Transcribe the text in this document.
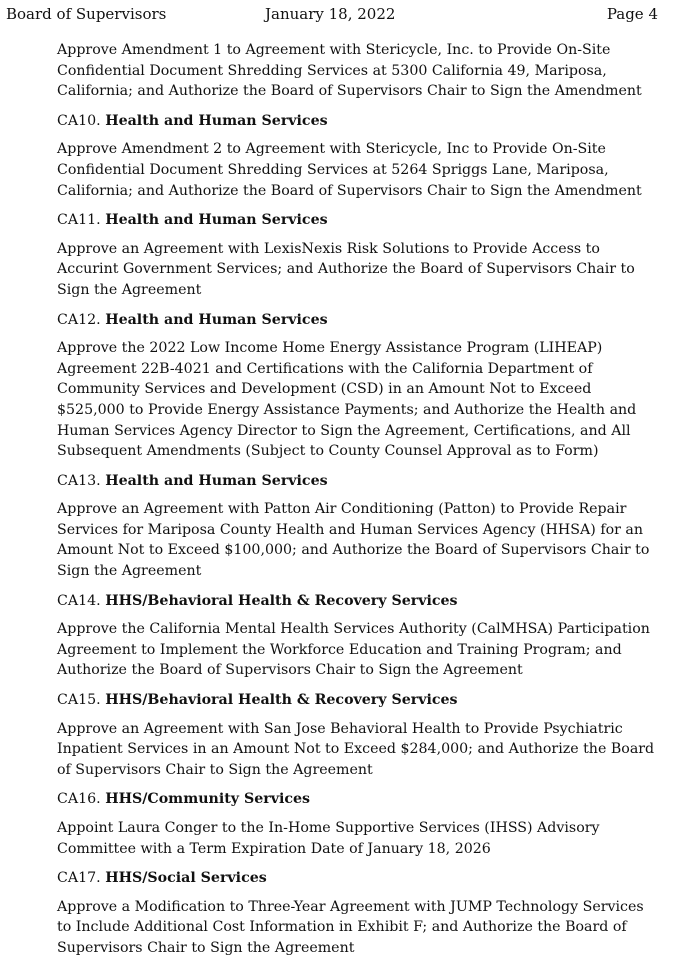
Board of Supervisors	January 18, 2022	Page 4

Approve Amendment 1 to Agreement with Stericycle, Inc. to Provide On-Site Confidential Document Shredding Services at 5300 California 49, Mariposa, California; and Authorize the Board of Supervisors Chair to Sign the Amendment

CA10. Health and Human Services

Approve Amendment 2 to Agreement with Stericycle, Inc to Provide On-Site Confidential Document Shredding Services at 5264 Spriggs Lane, Mariposa, California; and Authorize the Board of Supervisors Chair to Sign the Amendment

CA11. Health and Human Services

Approve an Agreement with LexisNexis Risk Solutions to Provide Access to Accurint Government Services; and Authorize the Board of Supervisors Chair to Sign the Agreement

CA12. Health and Human Services

Approve the 2022 Low Income Home Energy Assistance Program (LIHEAP) Agreement 22B-4021 and Certifications with the California Department of Community Services and Development (CSD) in an Amount Not to Exceed $525,000 to Provide Energy Assistance Payments; and Authorize the Health and Human Services Agency Director to Sign the Agreement, Certifications, and All Subsequent Amendments (Subject to County Counsel Approval as to Form)

CA13. Health and Human Services

Approve an Agreement with Patton Air Conditioning (Patton) to Provide Repair Services for Mariposa County Health and Human Services Agency (HHSA) for an Amount Not to Exceed $100,000; and Authorize the Board of Supervisors Chair to Sign the Agreement

CA14. HHS/Behavioral Health & Recovery Services

Approve the California Mental Health Services Authority (CalMHSA) Participation Agreement to Implement the Workforce Education and Training Program; and Authorize the Board of Supervisors Chair to Sign the Agreement

CA15. HHS/Behavioral Health & Recovery Services

Approve an Agreement with San Jose Behavioral Health to Provide Psychiatric Inpatient Services in an Amount Not to Exceed $284,000; and Authorize the Board of Supervisors Chair to Sign the Agreement

CA16. HHS/Community Services

Appoint Laura Conger to the In-Home Supportive Services (IHSS) Advisory Committee with a Term Expiration Date of January 18, 2026

CA17. HHS/Social Services

Approve a Modification to Three-Year Agreement with JUMP Technology Services to Include Additional Cost Information in Exhibit F; and Authorize the Board of Supervisors Chair to Sign the Agreement
